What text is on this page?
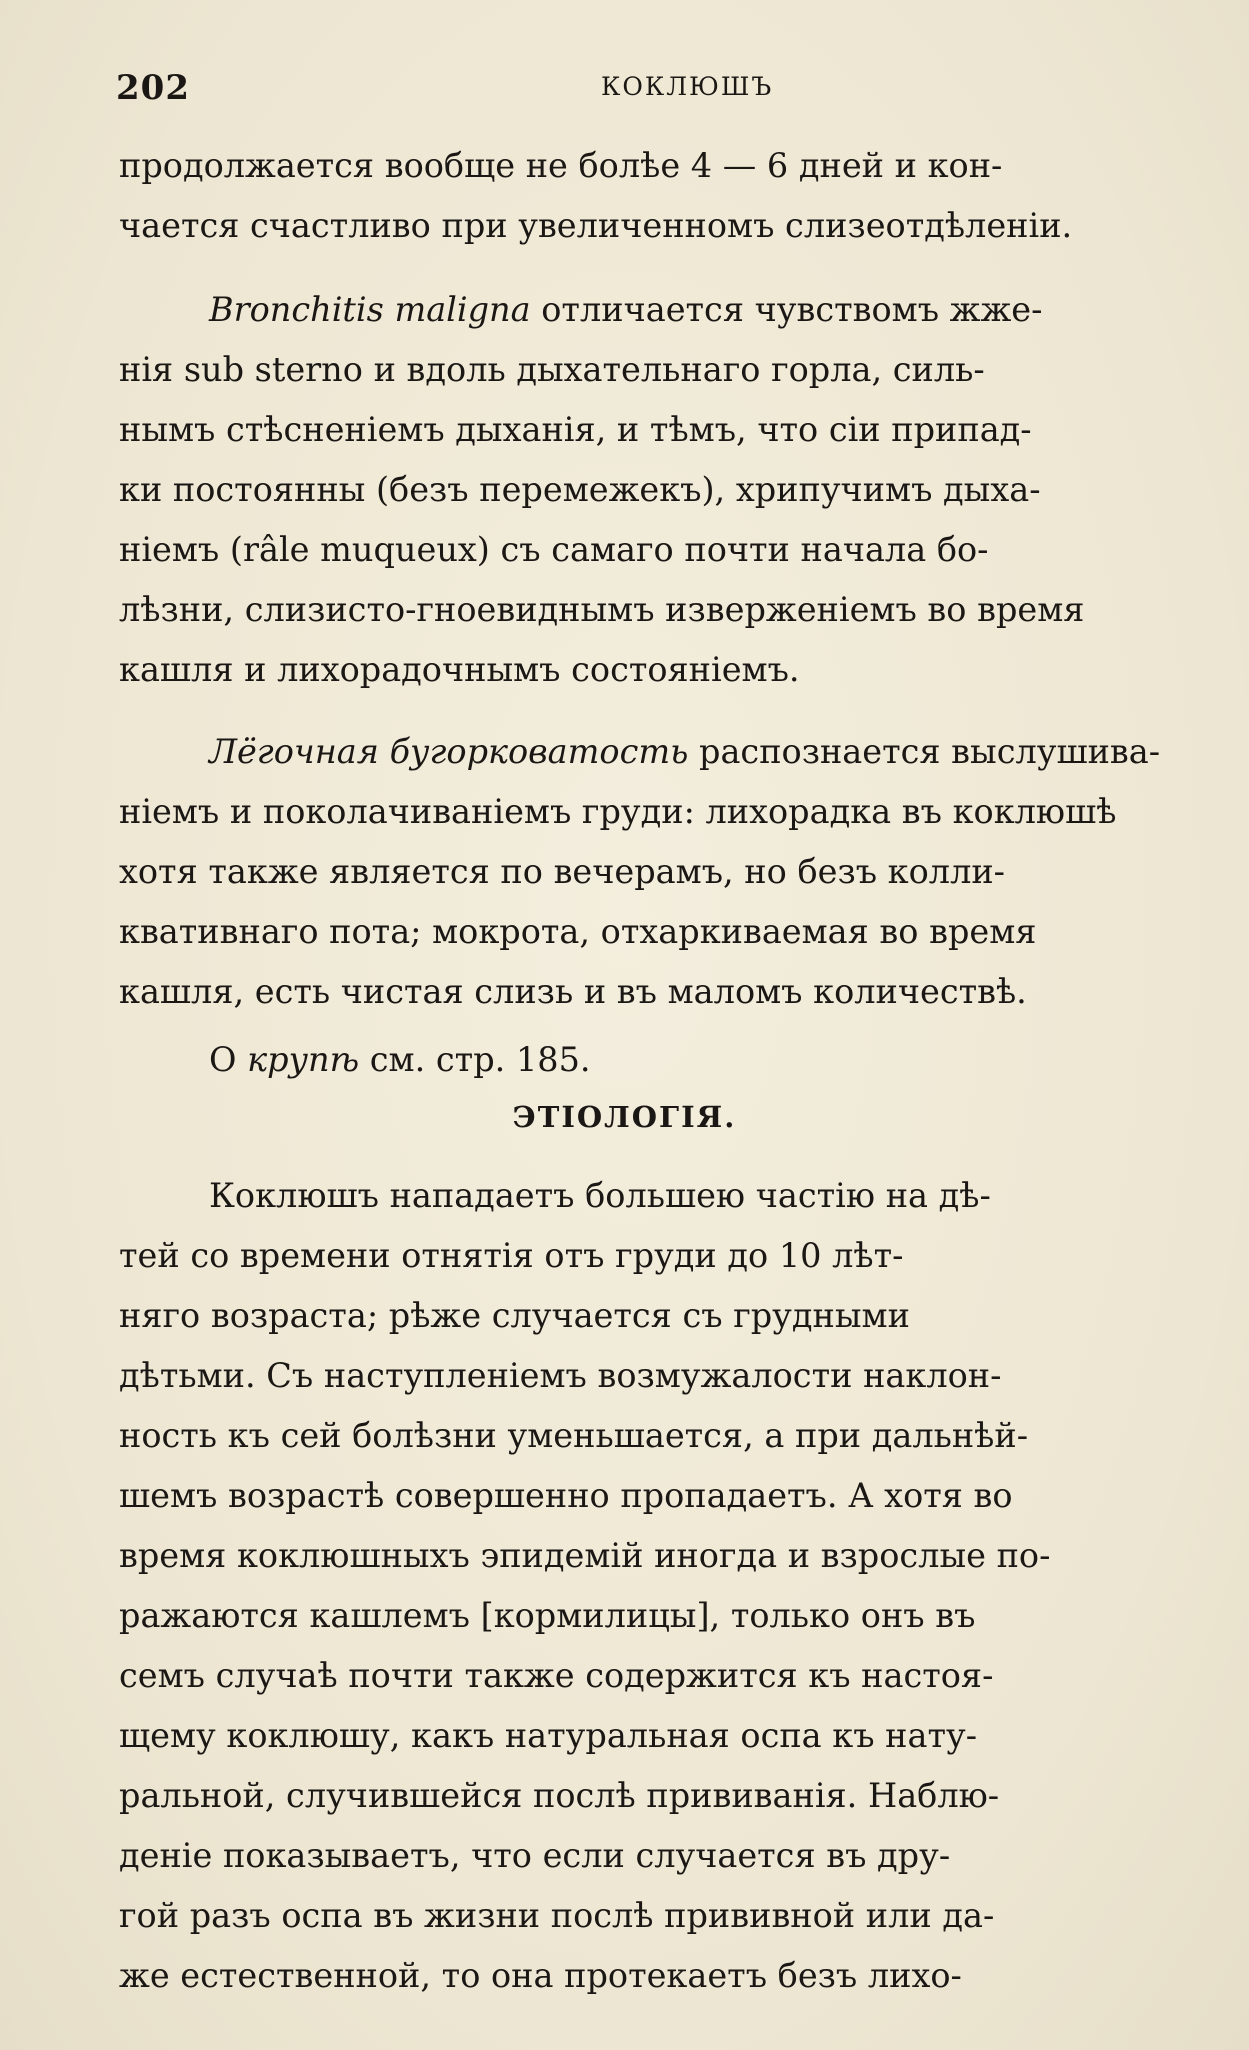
202	КОКЛЮШЪ
продолжается вообще не болѣе 4 — 6 дней и кон-
чается счастливо при увеличенномъ слизеотдѣленіи.
Bronchitis maligna отличается чувствомъ жже-
нія sub sterno и вдоль дыхательнаго горла, силь-
нымъ стѣсненіемъ дыханія, и тѣмъ, что сіи припад-
ки постоянны (безъ перемежекъ), хрипучимъ дыха-
ніемъ (râle muqueux) съ самаго почти начала бо-
лѣзни, слизисто-гноевиднымъ изверженіемъ во время
кашля и лихорадочнымъ состояніемъ.
Лёгочная бугорковатость распознается выслушива-
ніемъ и поколачиваніемъ груди: лихорадка въ коклюшѣ
хотя также является по вечерамъ, но безъ колли-
квативнаго пота; мокрота, отхаркиваемая во время
кашля, есть чистая слизь и въ маломъ количествѣ.
О крупѣ см. стр. 185.
ЭТІОЛОГІЯ.
Коклюшъ нападаетъ большею частію на дѣ-
тей со времени отнятія отъ груди до 10 лѣт-
няго возраста; рѣже случается съ грудными
дѣтьми. Съ наступленіемъ возмужалости наклон-
ность къ сей болѣзни уменьшается, а при дальнѣй-
шемъ возрастѣ совершенно пропадаетъ. А хотя во
время коклюшныхъ эпидемій иногда и взрослые по-
ражаются кашлемъ [кормилицы], только онъ въ
семъ случаѣ почти также содержится къ настоя-
щему коклюшу, какъ натуральная оспа къ нату-
ральной, случившейся послѣ прививанія. Наблю-
деніе показываетъ, что если случается въ дру-
гой разъ оспа въ жизни послѣ прививной или да-
же естественной, то она протекаетъ безъ лихо-
